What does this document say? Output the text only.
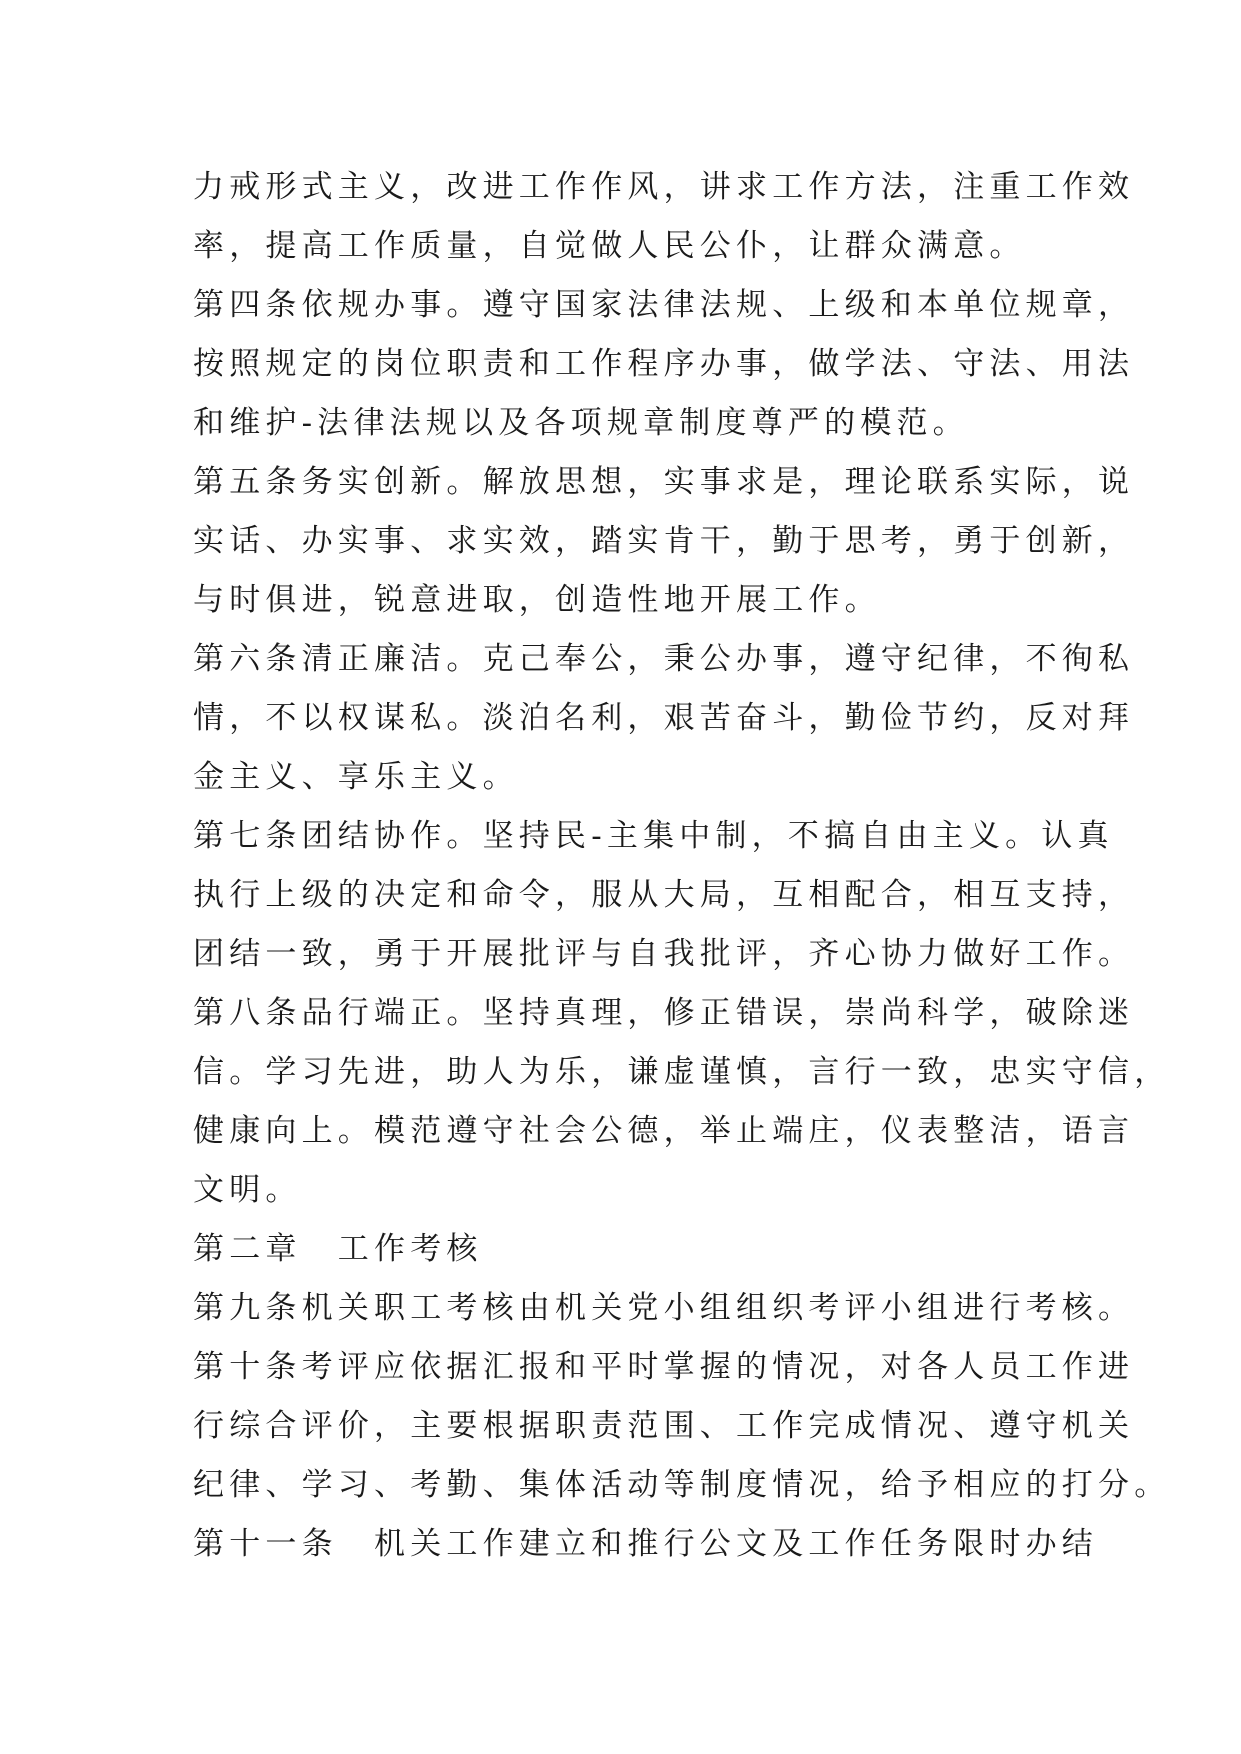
力戒形式主义，改进工作作风，讲求工作方法，注重工作效
率，提高工作质量，自觉做人民公仆，让群众满意。
第四条依规办事。遵守国家法律法规、上级和本单位规章，
按照规定的岗位职责和工作程序办事，做学法、守法、用法
和维护-法律法规以及各项规章制度尊严的模范。
第五条务实创新。解放思想，实事求是，理论联系实际，说
实话、办实事、求实效，踏实肯干，勤于思考，勇于创新，
与时俱进，锐意进取，创造性地开展工作。
第六条清正廉洁。克己奉公，秉公办事，遵守纪律，不徇私
情，不以权谋私。淡泊名利，艰苦奋斗，勤俭节约，反对拜
金主义、享乐主义。
第七条团结协作。坚持民-主集中制，不搞自由主义。认真
执行上级的决定和命令，服从大局，互相配合，相互支持，
团结一致，勇于开展批评与自我批评，齐心协力做好工作。
第八条品行端正。坚持真理，修正错误，崇尚科学，破除迷
信。学习先进，助人为乐，谦虚谨慎，言行一致，忠实守信，
健康向上。模范遵守社会公德，举止端庄，仪表整洁，语言
文明。
第二章　工作考核
第九条机关职工考核由机关党小组组织考评小组进行考核。
第十条考评应依据汇报和平时掌握的情况，对各人员工作进
行综合评价，主要根据职责范围、工作完成情况、遵守机关
纪律、学习、考勤、集体活动等制度情况，给予相应的打分。
第十一条　机关工作建立和推行公文及工作任务限时办结
